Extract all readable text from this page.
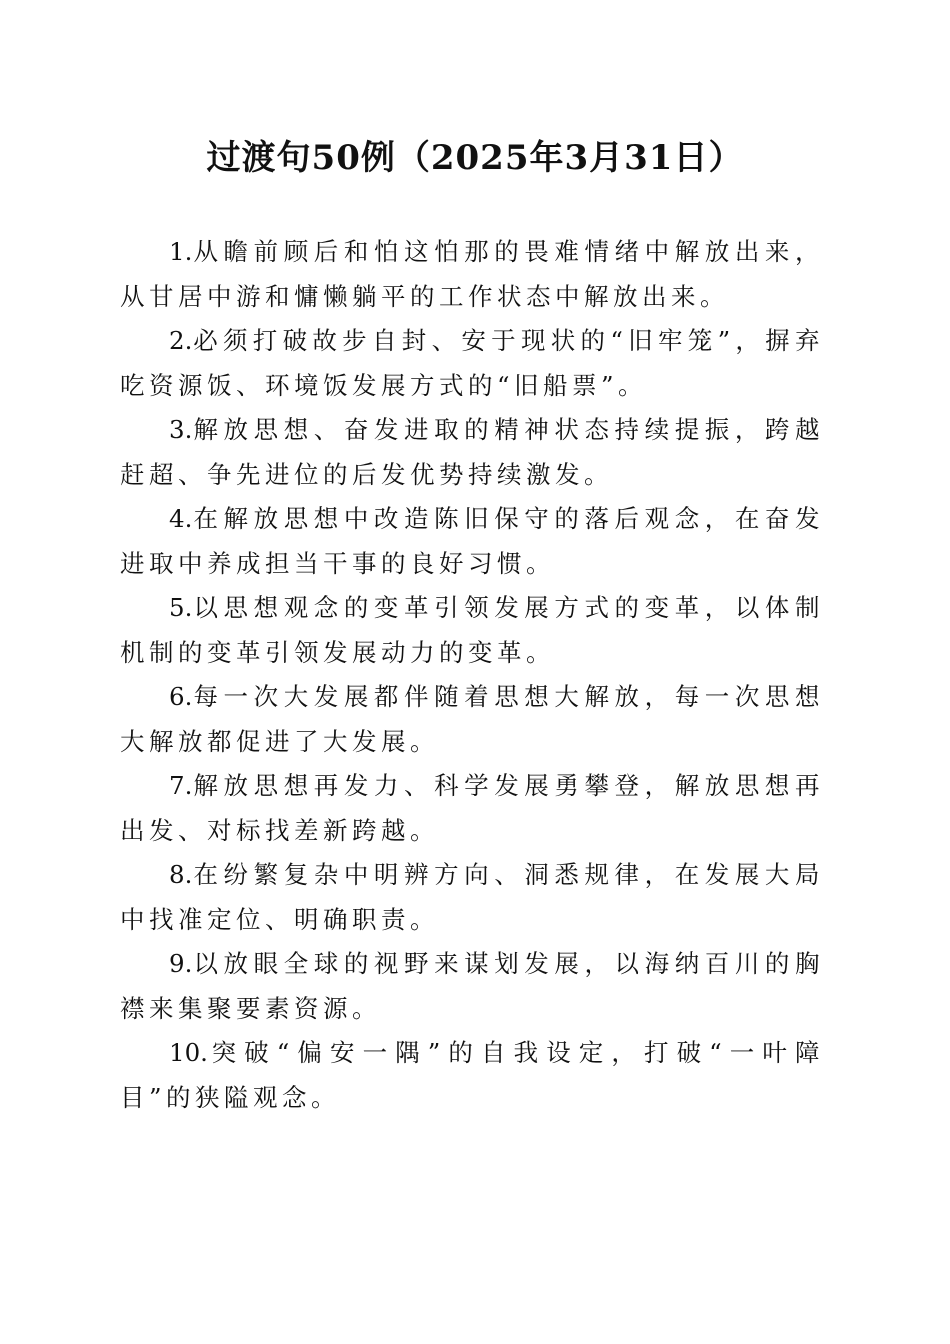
过渡句50例（2025年3月31日）

1.从瞻前顾后和怕这怕那的畏难情绪中解放出来，从甘居中游和慵懒躺平的工作状态中解放出来。

2.必须打破故步自封、安于现状的“旧牢笼”，摒弃吃资源饭、环境饭发展方式的“旧船票”。

3.解放思想、奋发进取的精神状态持续提振，跨越赶超、争先进位的后发优势持续激发。

4.在解放思想中改造陈旧保守的落后观念，在奋发进取中养成担当干事的良好习惯。

5.以思想观念的变革引领发展方式的变革，以体制机制的变革引领发展动力的变革。

6.每一次大发展都伴随着思想大解放，每一次思想大解放都促进了大发展。

7.解放思想再发力、科学发展勇攀登，解放思想再出发、对标找差新跨越。

8.在纷繁复杂中明辨方向、洞悉规律，在发展大局中找准定位、明确职责。

9.以放眼全球的视野来谋划发展，以海纳百川的胸襟来集聚要素资源。

10.突破“偏安一隅”的自我设定，打破“一叶障目”的狭隘观念。
